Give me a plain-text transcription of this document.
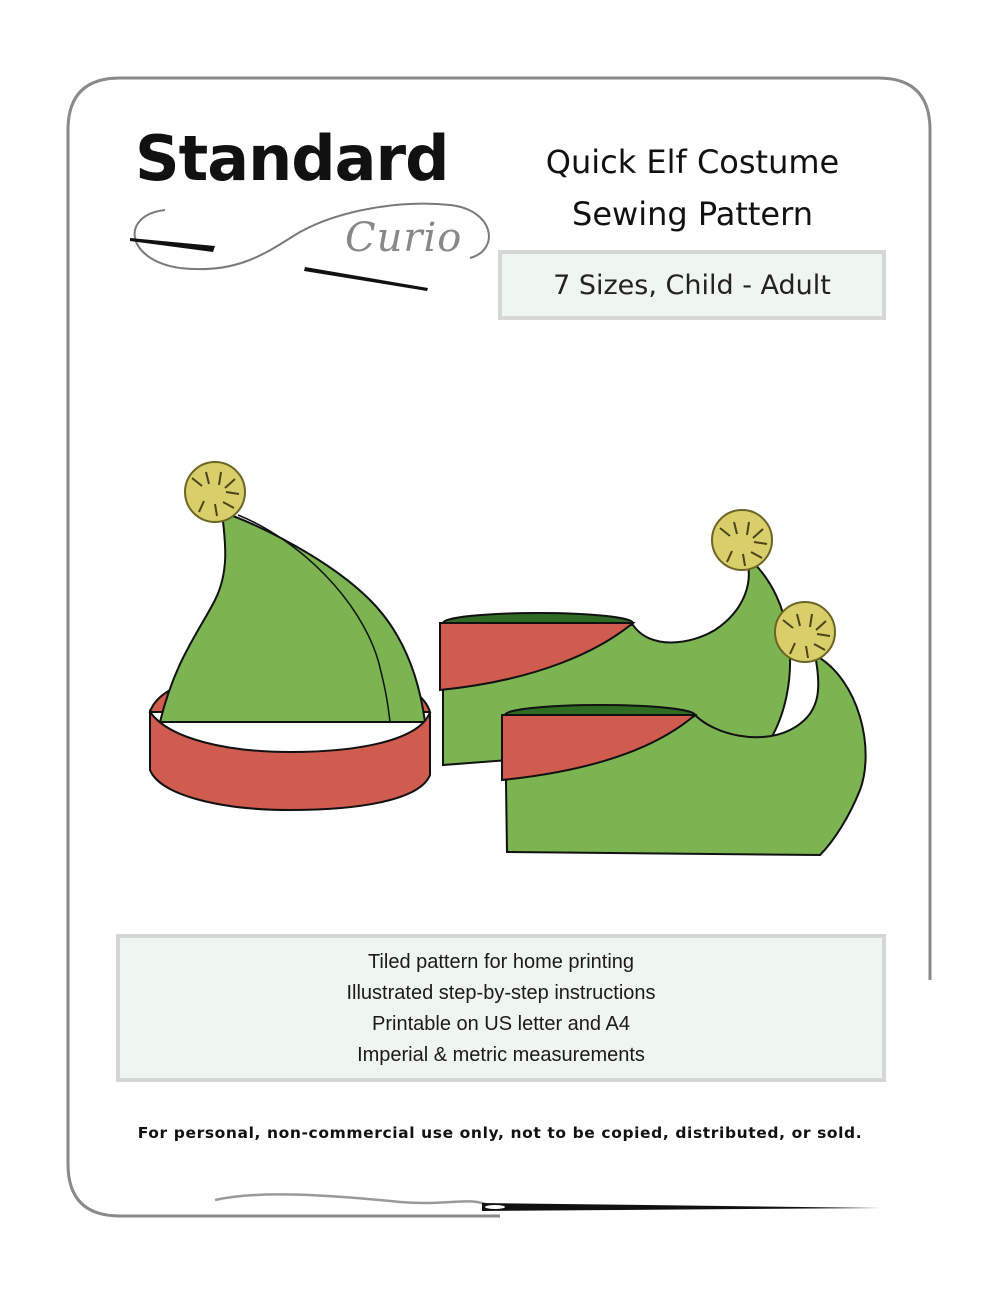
Standard
Curio
Quick Elf Costume
Sewing Pattern
7 Sizes, Child - Adult
Tiled pattern for home printing
Illustrated step-by-step instructions
Printable on US letter and A4
Imperial & metric measurements
For personal, non-commercial use only, not to be copied, distributed, or sold.
